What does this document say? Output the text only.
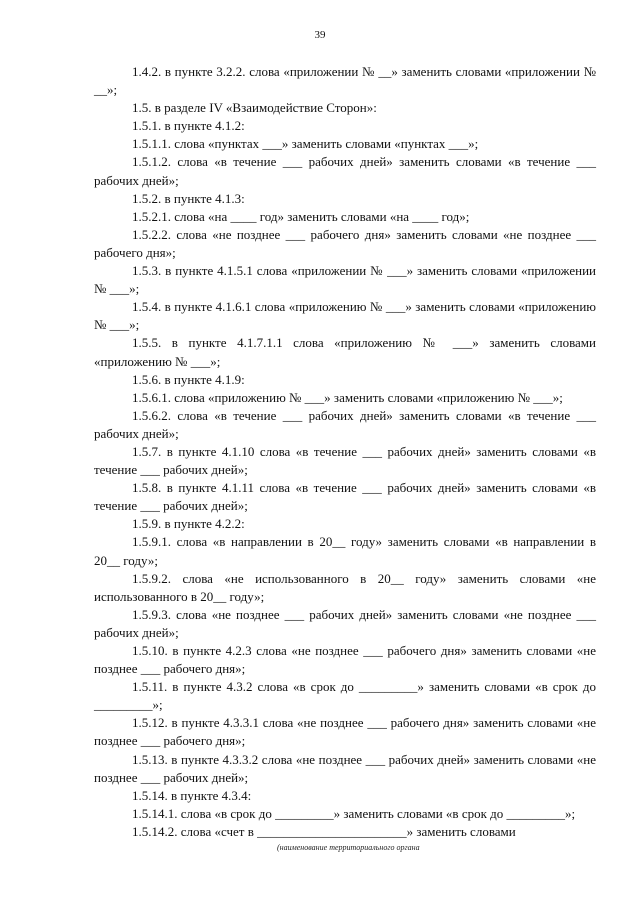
39

1.4.2. в пункте 3.2.2. слова «приложении № __» заменить словами «приложении № __»;

1.5. в разделе IV «Взаимодействие Сторон»:

1.5.1. в пункте 4.1.2:

1.5.1.1. слова «пунктах ___» заменить словами «пунктах ___»;

1.5.1.2. слова «в течение ___ рабочих дней» заменить словами «в течение ___ рабочих дней»;

1.5.2. в пункте 4.1.3:

1.5.2.1. слова «на ____ год» заменить словами «на ____ год»;

1.5.2.2. слова «не позднее ___ рабочего дня» заменить словами «не позднее ___ рабочего дня»;

1.5.3. в пункте 4.1.5.1 слова «приложении № ___» заменить словами «приложении № ___»;

1.5.4. в пункте 4.1.6.1 слова «приложению № ___» заменить словами «приложению № ___»;

1.5.5. в пункте 4.1.7.1.1 слова «приложению № ___» заменить словами «приложению № ___»;

1.5.6. в пункте 4.1.9:

1.5.6.1. слова «приложению № ___» заменить словами «приложению № ___»;

1.5.6.2. слова «в течение ___ рабочих дней» заменить словами «в течение ___ рабочих дней»;

1.5.7. в пункте 4.1.10 слова «в течение ___ рабочих дней» заменить словами «в течение ___ рабочих дней»;

1.5.8. в пункте 4.1.11 слова «в течение ___ рабочих дней» заменить словами «в течение ___ рабочих дней»;

1.5.9. в пункте 4.2.2:

1.5.9.1. слова «в направлении в 20__ году» заменить словами «в направлении в 20__ году»;

1.5.9.2. слова «не использованного в 20__ году» заменить словами «не использованного в 20__ году»;

1.5.9.3. слова «не позднее ___ рабочих дней» заменить словами «не позднее ___ рабочих дней»;

1.5.10. в пункте 4.2.3 слова «не позднее ___ рабочего дня» заменить словами «не позднее ___ рабочего дня»;

1.5.11. в пункте 4.3.2 слова «в срок до _________» заменить словами «в срок до _________»;

1.5.12. в пункте 4.3.3.1 слова «не позднее ___ рабочего дня» заменить словами «не позднее ___ рабочего дня»;

1.5.13. в пункте 4.3.3.2 слова «не позднее ___ рабочих дней» заменить словами «не позднее ___ рабочих дней»;

1.5.14. в пункте 4.3.4:

1.5.14.1. слова «в срок до _________» заменить словами «в срок до _________»;

1.5.14.2. слова «счет в _______________________» заменить словами

(наименование территориального органа
